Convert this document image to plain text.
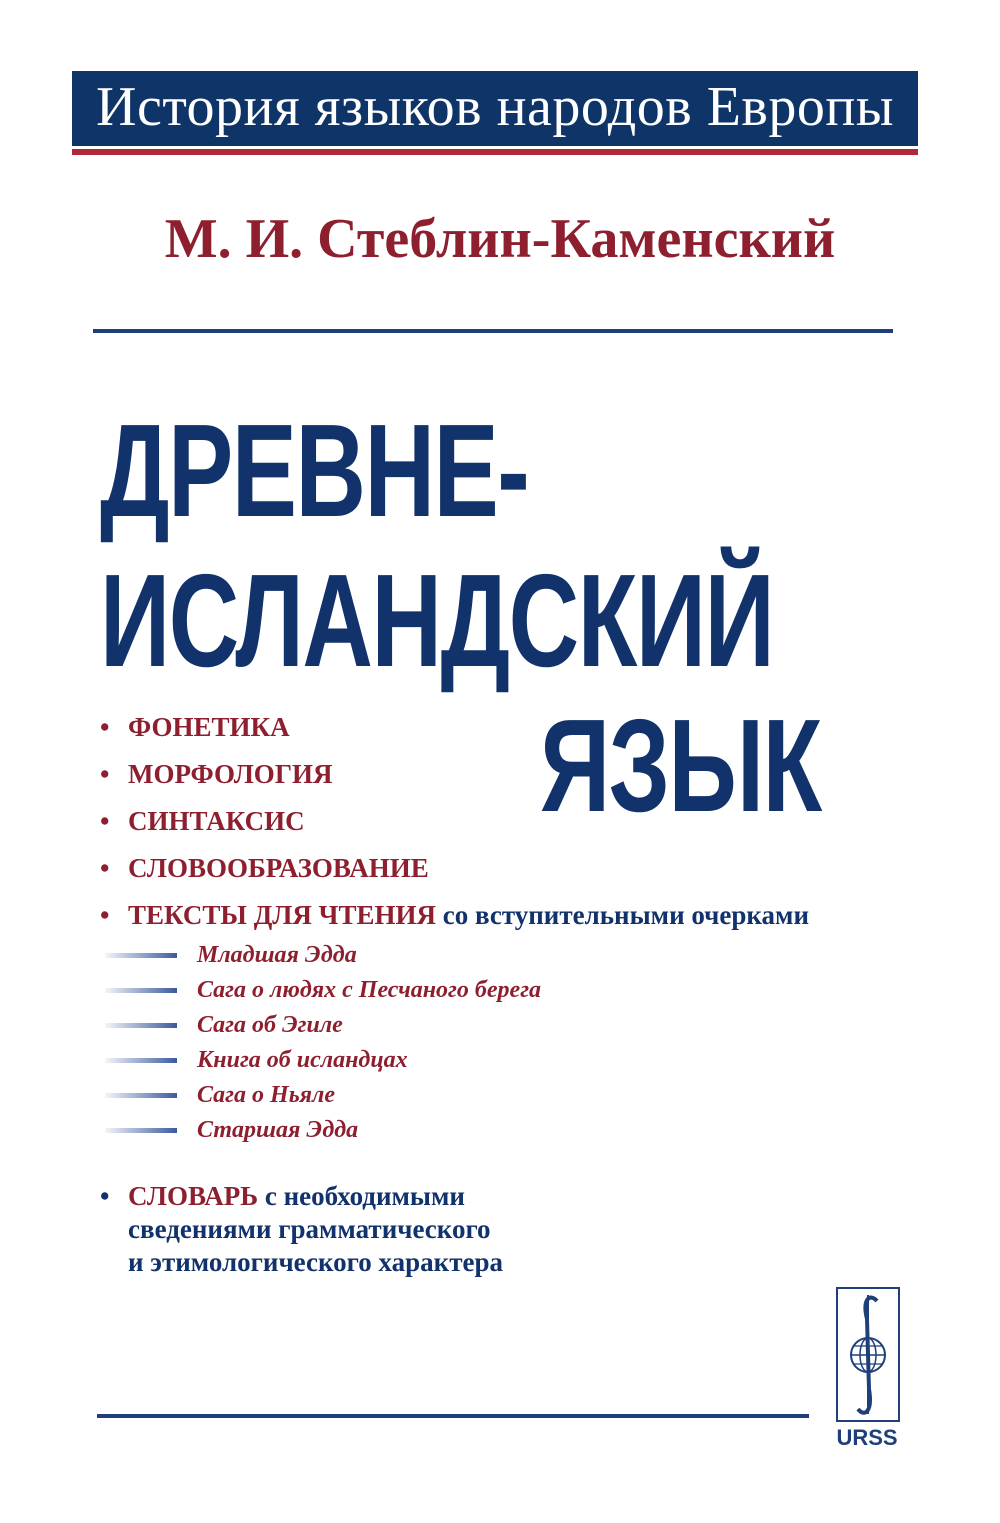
История языков народов Европы
М. И. Стеблин-Каменский
ДРЕВНЕ-
ИСЛАНДСКИЙ
ЯЗЫК
• ФОНЕТИКА
• МОРФОЛОГИЯ
• СИНТАКСИС
• СЛОВООБРАЗОВАНИЕ
• ТЕКСТЫ ДЛЯ ЧТЕНИЯ со вступительными очерками
Младшая Эдда
Сага о людях с Песчаного берега
Сага об Эгиле
Книга об исландцах
Сага о Ньяле
Старшая Эдда
• СЛОВАРЬ с необходимыми
сведениями грамматического
и этимологического характера
URSS
